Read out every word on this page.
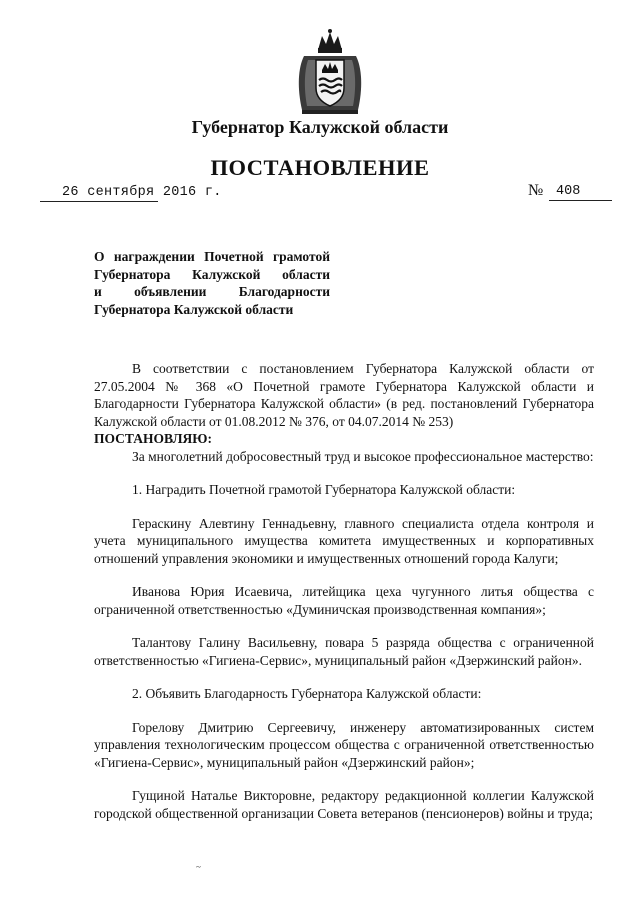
Губернатор Калужской области
ПОСТАНОВЛЕНИЕ
26 сентября 2016 г.	№ 408
О награждении Почетной грамотой
Губернатора Калужской области
и объявлении Благодарности
Губернатора Калужской области

В соответствии с постановлением Губернатора Калужской области от 27.05.2004 № 368 «О Почетной грамоте Губернатора Калужской области и Благодарности Губернатора Калужской области» (в ред. постановлений Губернатора Калужской области от 01.08.2012 № 376, от 04.07.2014 № 253)

ПОСТАНОВЛЯЮ:

За многолетний добросовестный труд и высокое профессиональное мастерство:

1. Наградить Почетной грамотой Губернатора Калужской области:

Гераскину Алевтину Геннадьевну, главного специалиста отдела контроля и учета муниципального имущества комитета имущественных и корпоративных отношений управления экономики и имущественных отношений города Калуги;

Иванова Юрия Исаевича, литейщика цеха чугунного литья общества с ограниченной ответственностью «Думиничская производственная компания»;

Талантову Галину Васильевну, повара 5 разряда общества с ограниченной ответственностью «Гигиена-Сервис», муниципальный район «Дзержинский район».

2. Объявить Благодарность Губернатора Калужской области:

Горелову Дмитрию Сергеевичу, инженеру автоматизированных систем управления технологическим процессом общества с ограниченной ответственностью «Гигиена-Сервис», муниципальный район «Дзержинский район»;

Гущиной Наталье Викторовне, редактору редакционной коллегии Калужской городской общественной организации Совета ветеранов (пенсионеров) войны и труда;

~
